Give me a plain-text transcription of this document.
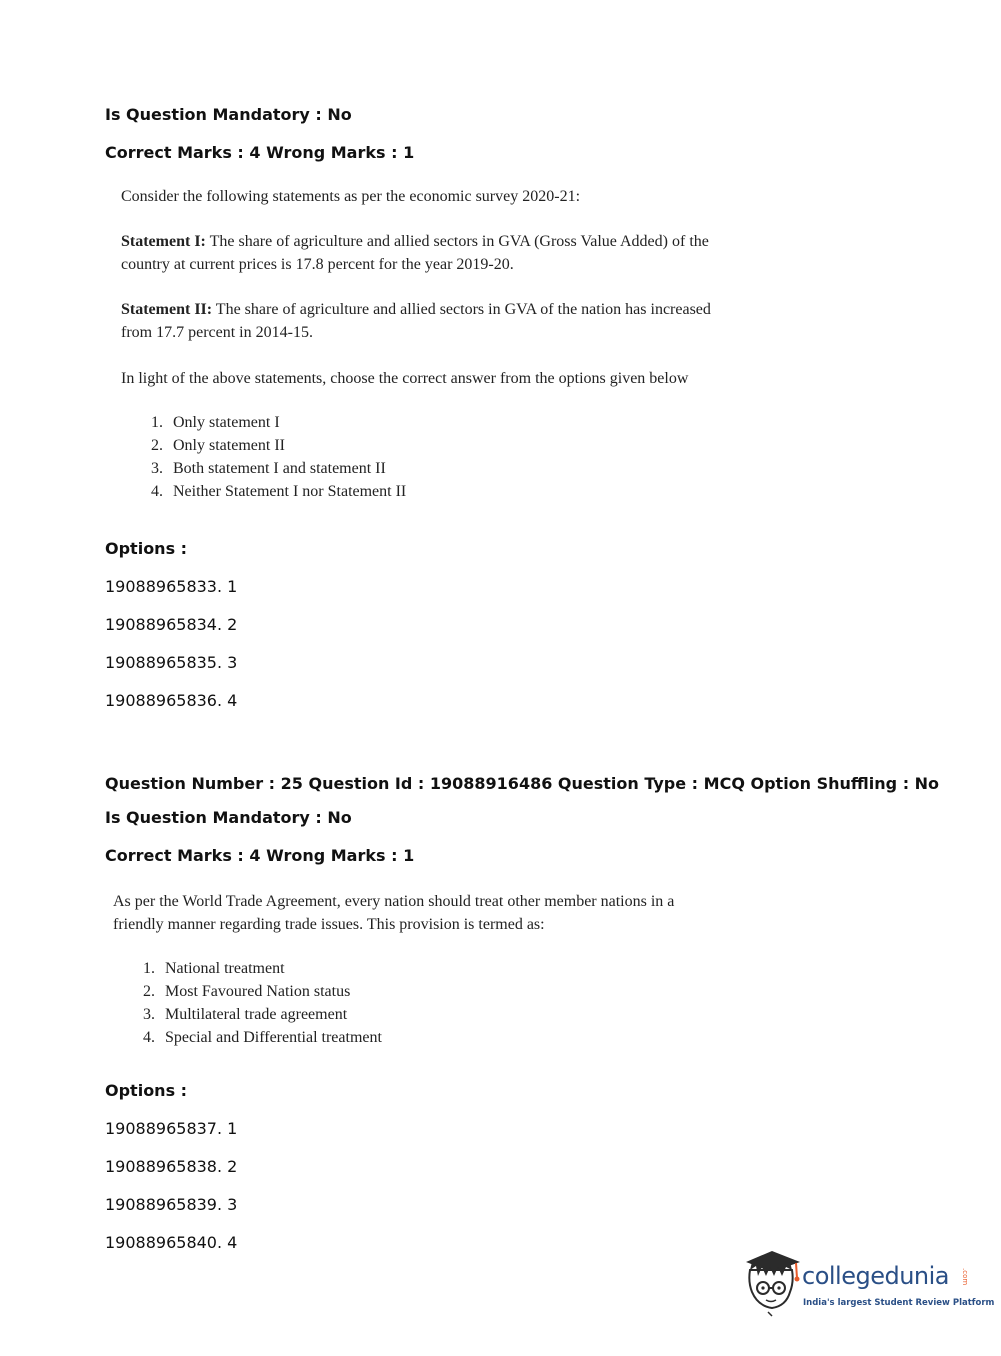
Is Question Mandatory : No
Correct Marks : 4 Wrong Marks : 1

Consider the following statements as per the economic survey 2020-21:

Statement I: The share of agriculture and allied sectors in GVA (Gross Value Added) of the country at current prices is 17.8 percent for the year 2019-20.

Statement II: The share of agriculture and allied sectors in GVA of the nation has increased from 17.7 percent in 2014-15.

In light of the above statements, choose the correct answer from the options given below

1. Only statement I
2. Only statement II
3. Both statement I and statement II
4. Neither Statement I nor Statement II
Options :
19088965833. 1
19088965834. 2
19088965835. 3
19088965836. 4
Question Number : 25 Question Id : 19088916486 Question Type : MCQ Option Shuffling : No
Is Question Mandatory : No
Correct Marks : 4 Wrong Marks : 1

As per the World Trade Agreement, every nation should treat other member nations in a friendly manner regarding trade issues. This provision is termed as:

1. National treatment
2. Most Favoured Nation status
3. Multilateral trade agreement
4. Special and Differential treatment
Options :
19088965837. 1
19088965838. 2
19088965839. 3
19088965840. 4
collegedunia .com
India's largest Student Review Platform
